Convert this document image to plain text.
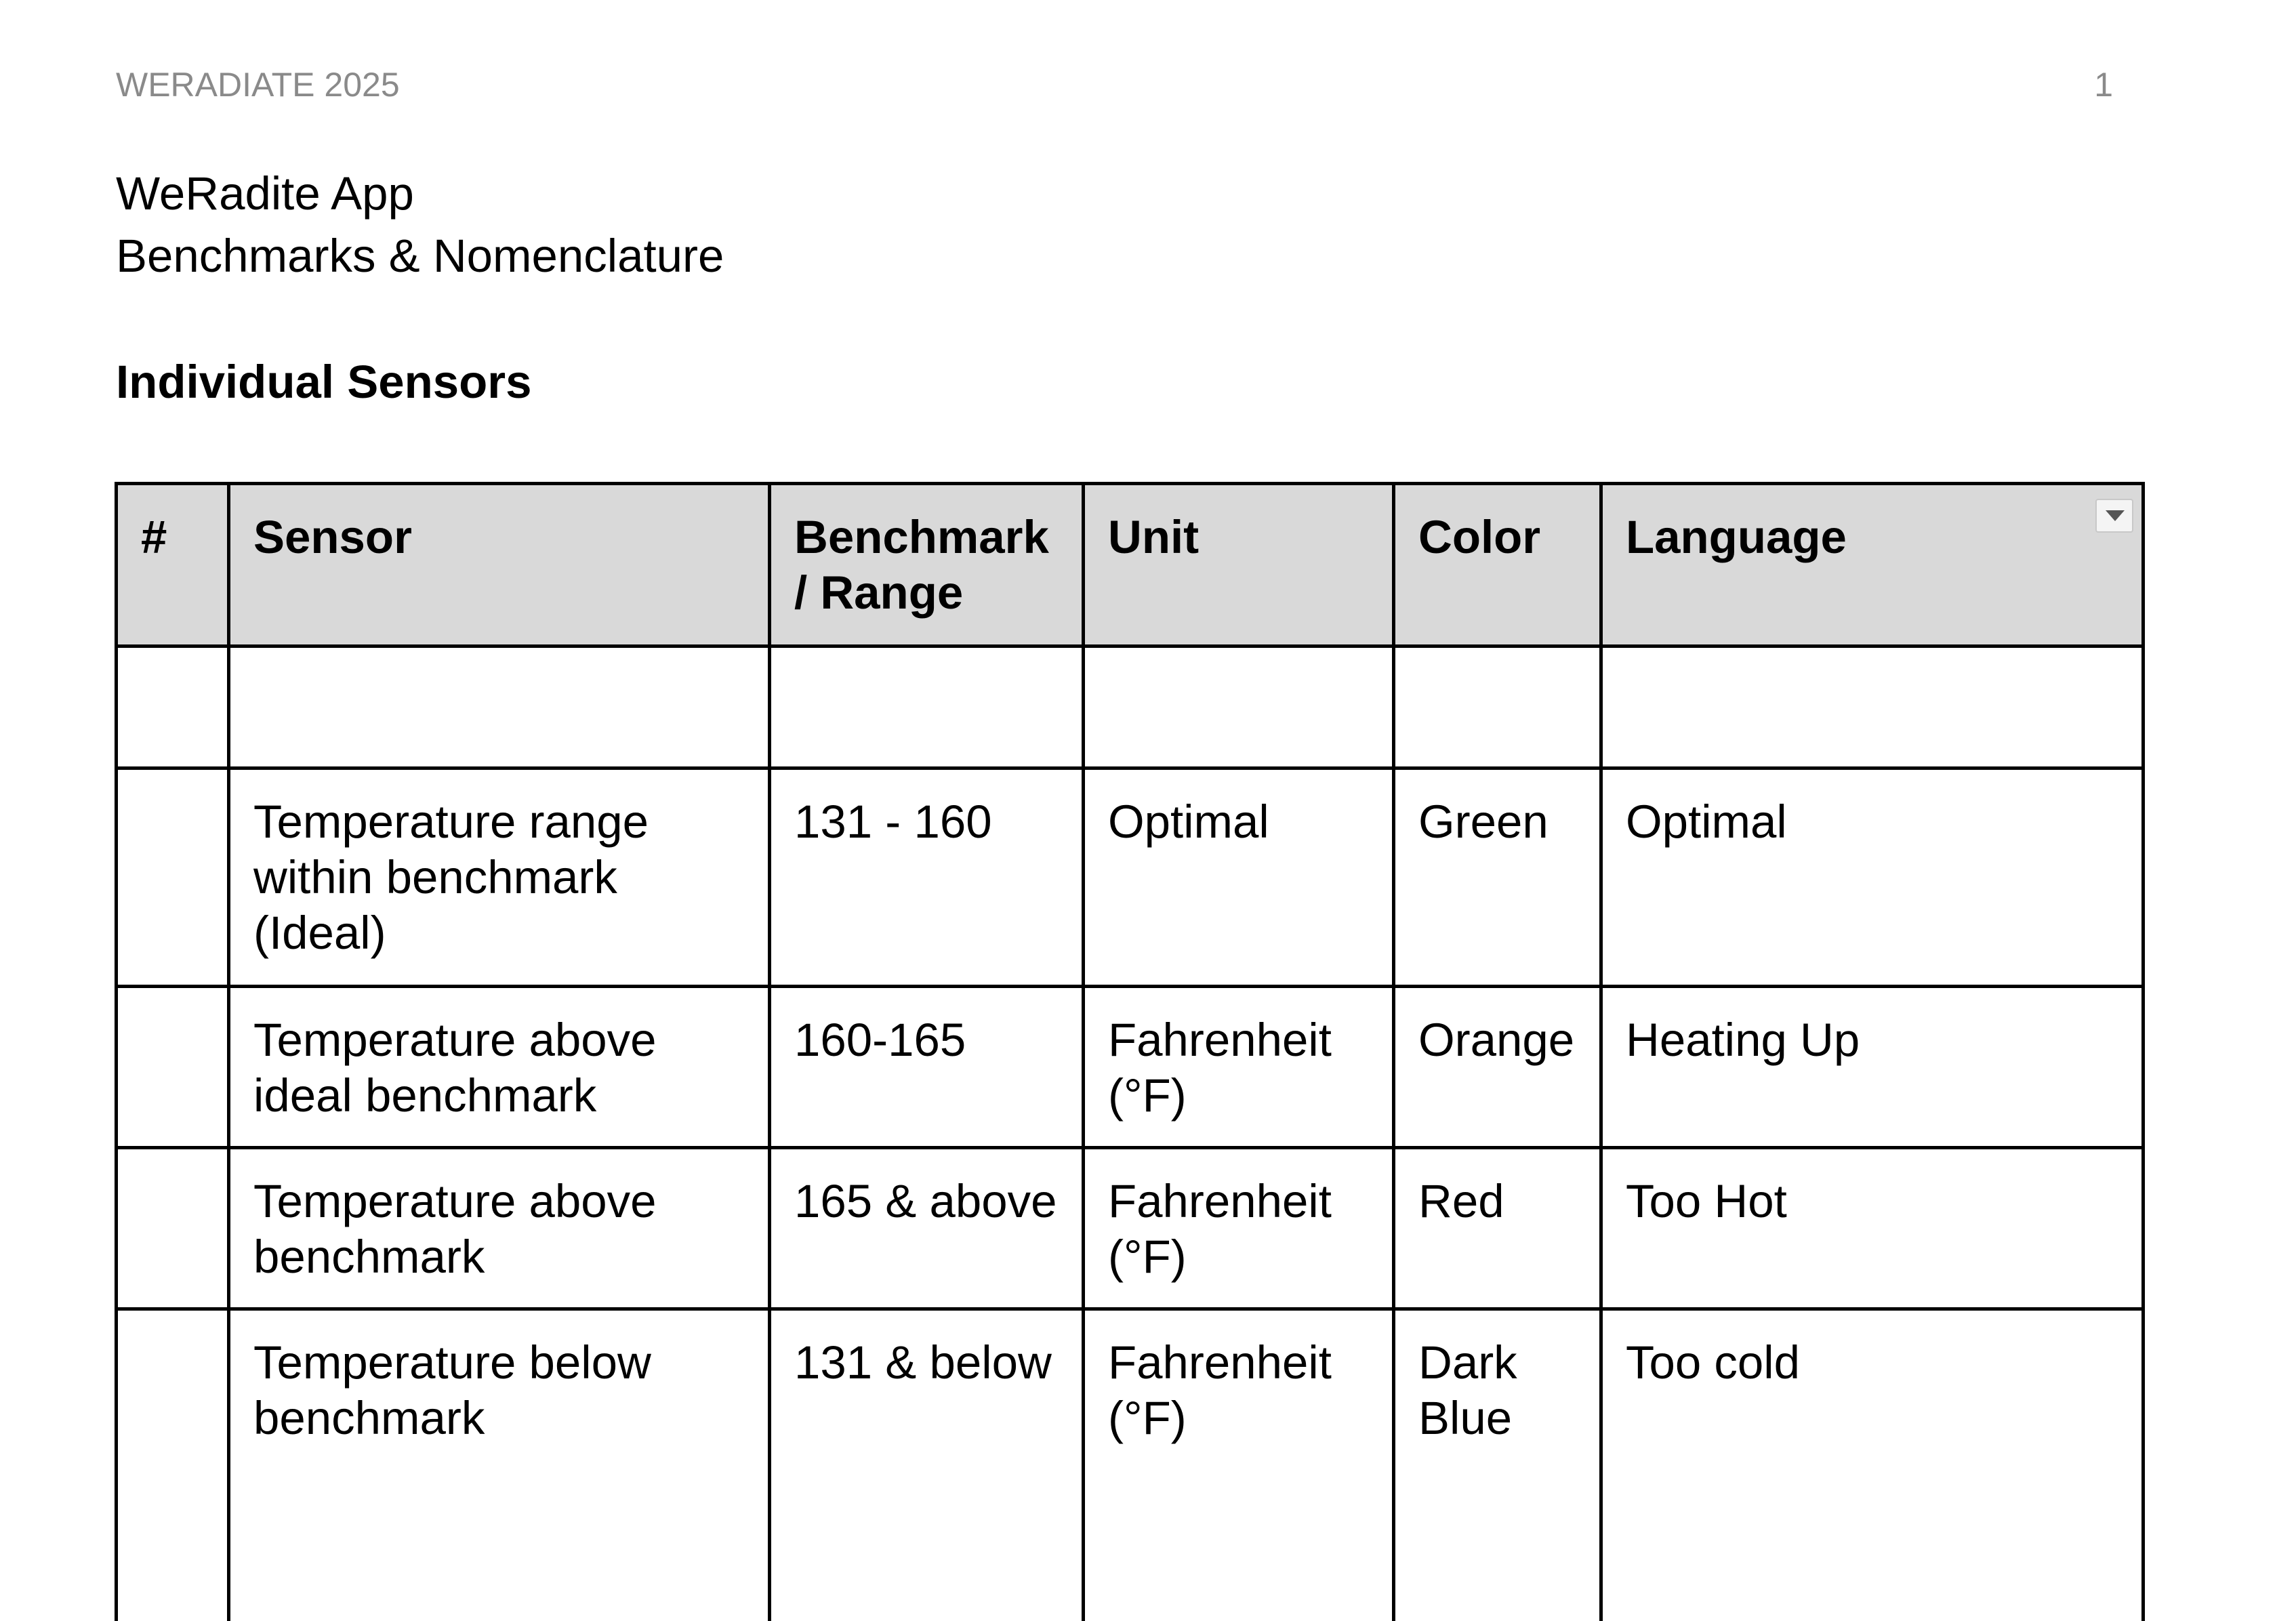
WERADIATE 2025	1
WeRadite App
Benchmarks & Nomenclature
Individual Sensors
#	Sensor	Benchmark / Range	Unit	Color	Language

	Temperature range within benchmark (Ideal)	131 - 160	Optimal	Green	Optimal
	Temperature above ideal benchmark	160-165	Fahrenheit (°F)	Orange	Heating Up
	Temperature above benchmark	165 & above	Fahrenheit (°F)	Red	Too Hot
	Temperature below benchmark	131 & below	Fahrenheit (°F)	Dark Blue	Too cold
